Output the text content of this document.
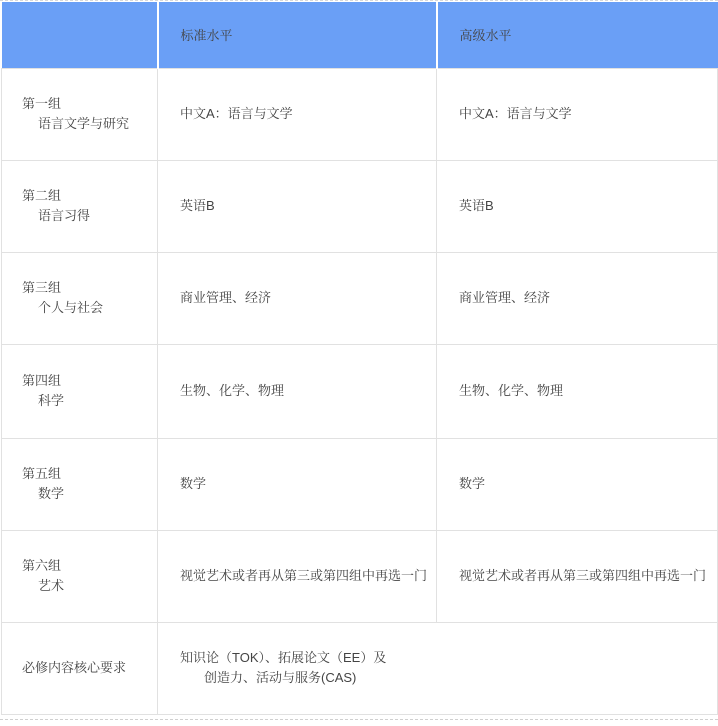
	标准水平	高级水平
第一组
语言文学与研究	中文A：语言与文学	中文A：语言与文学
第二组
语言习得	英语B	英语B
第三组
个人与社会	商业管理、经济	商业管理、经济
第四组
科学	生物、化学、物理	生物、化学、物理
第五组
数学	数学	数学
第六组
艺术	视觉艺术或者再从第三或第四组中再选一门	视觉艺术或者再从第三或第四组中再选一门
必修内容核心要求	知识论（TOK）、拓展论文（EE）及
创造力、活动与服务(CAS)	
